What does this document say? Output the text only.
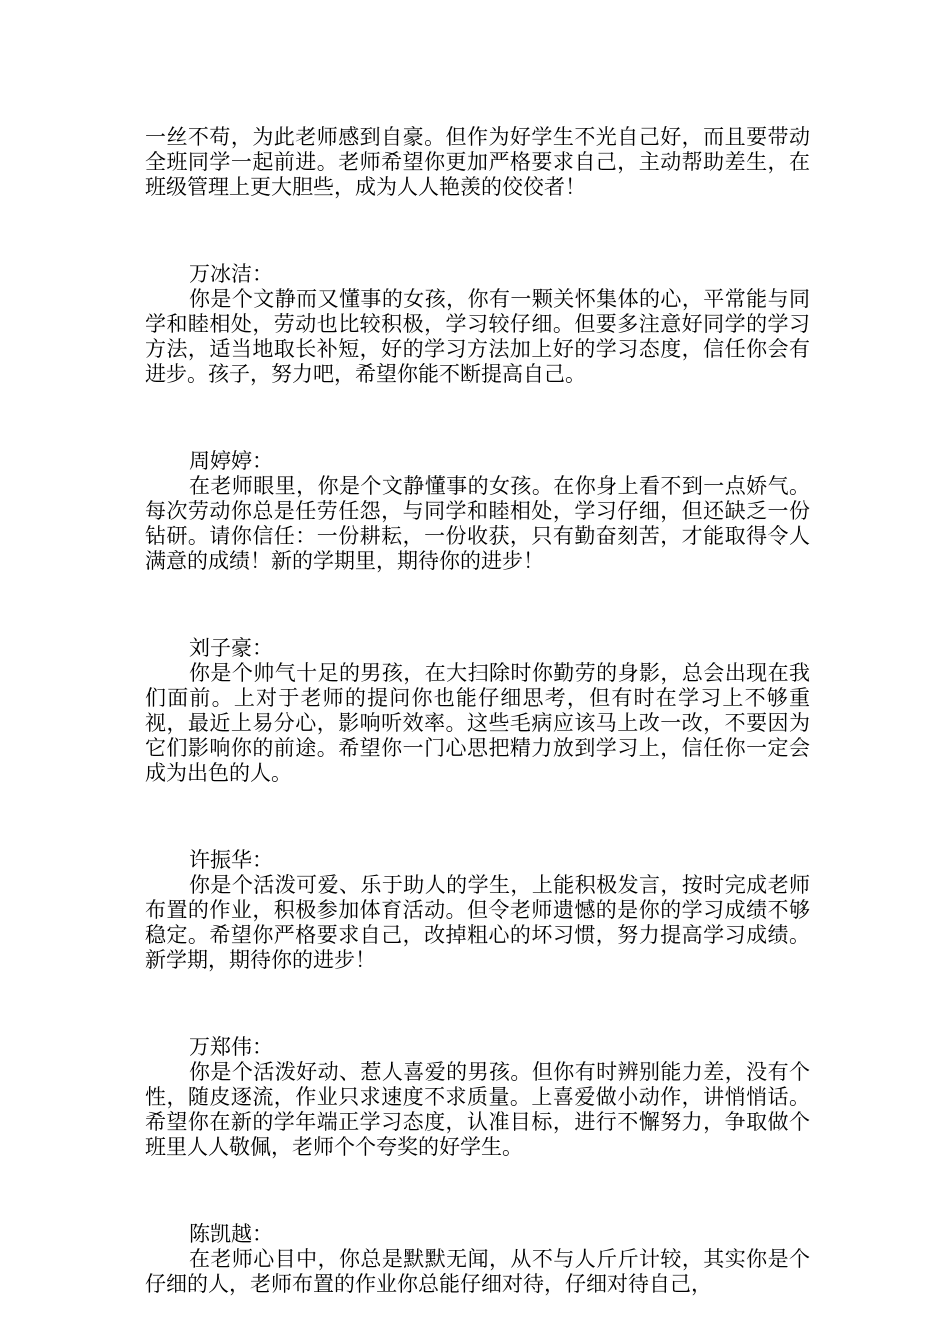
一丝不苟，为此老师感到自豪。但作为好学生不光自己好，而且要带动全班同学一起前进。老师希望你更加严格要求自己，主动帮助差生，在班级管理上更大胆些，成为人人艳羡的佼佼者！

万冰洁：

你是个文静而又懂事的女孩，你有一颗关怀集体的心，平常能与同学和睦相处，劳动也比较积极，学习较仔细。但要多注意好同学的学习方法，适当地取长补短，好的学习方法加上好的学习态度，信任你会有进步。孩子，努力吧，希望你能不断提高自己。

周婷婷：

在老师眼里，你是个文静懂事的女孩。在你身上看不到一点娇气。每次劳动你总是任劳任怨，与同学和睦相处，学习仔细，但还缺乏一份钻研。请你信任：一份耕耘，一份收获，只有勤奋刻苦，才能取得令人满意的成绩！新的学期里，期待你的进步！

刘子豪：

你是个帅气十足的男孩，在大扫除时你勤劳的身影，总会出现在我们面前。上对于老师的提问你也能仔细思考，但有时在学习上不够重视，最近上易分心，影响听效率。这些毛病应该马上改一改，不要因为它们影响你的前途。希望你一门心思把精力放到学习上，信任你一定会成为出色的人。

许振华：

你是个活泼可爱、乐于助人的学生，上能积极发言，按时完成老师布置的作业，积极参加体育活动。但令老师遗憾的是你的学习成绩不够稳定。希望你严格要求自己，改掉粗心的坏习惯，努力提高学习成绩。新学期，期待你的进步！

万郑伟：

你是个活泼好动、惹人喜爱的男孩。但你有时辨别能力差，没有个性，随皮逐流，作业只求速度不求质量。上喜爱做小动作，讲悄悄话。希望你在新的学年端正学习态度，认准目标，进行不懈努力，争取做个班里人人敬佩，老师个个夸奖的好学生。

陈凯越：

在老师心目中，你总是默默无闻，从不与人斤斤计较，其实你是个仔细的人，老师布置的作业你总能仔细对待，仔细对待自己，
